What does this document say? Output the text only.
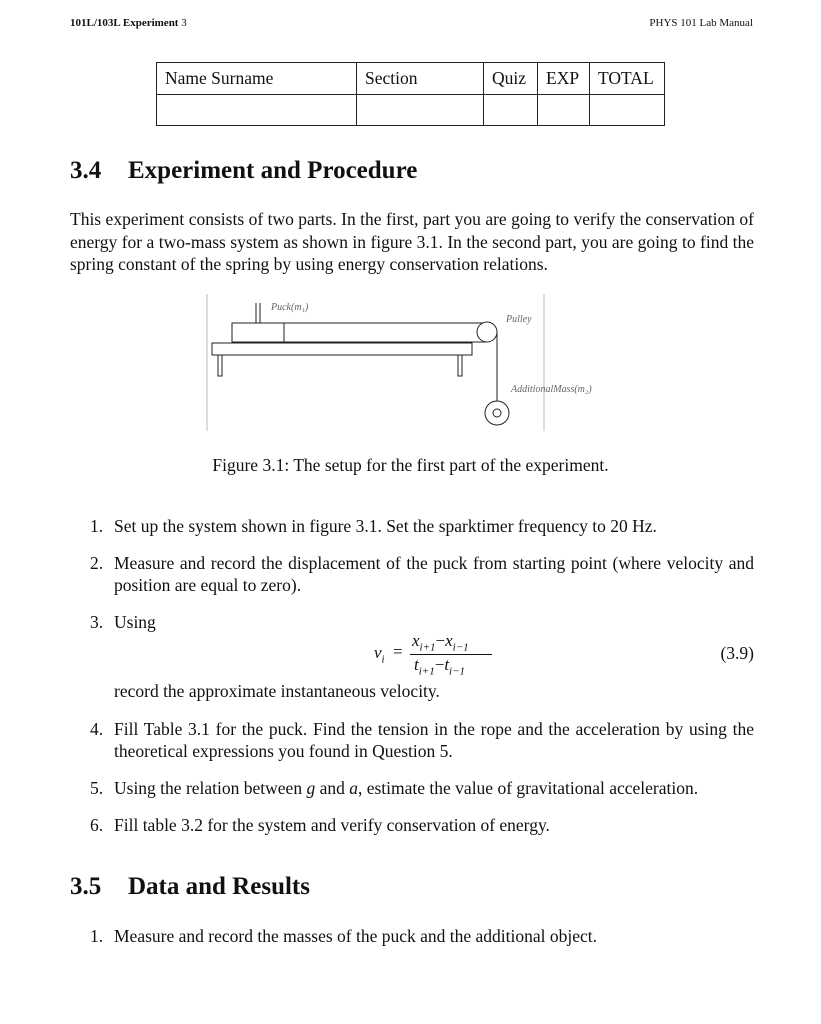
101L/103L Experiment 3	PHYS 101 Lab Manual
Name Surname	Section	Quiz	EXP	TOTAL

3.4 Experiment and Procedure

This experiment consists of two parts. In the first, part you are going to verify the conservation of energy for a two-mass system as shown in figure 3.1. In the second part, you are going to find the spring constant of the spring by using energy conservation relations.

Puck(m₁)
Pulley
AdditionalMass(m₂)
Figure 3.1: The setup for the first part of the experiment.
1. Set up the system shown in figure 3.1. Set the sparktimer frequency to 20 Hz.
2. Measure and record the displacement of the puck from starting point (where velocity and position are equal to zero).
3. Using
$v_i$ =
$x_{i+1}-x_{i-1}$
$t_{i+1}-t_{i-1}$
(3.9)

record the approximate instantaneous velocity.

4. Fill Table 3.1 for the puck. Find the tension in the rope and the acceleration by using the theoretical expressions you found in Question 5.
5. Using the relation between g and a, estimate the value of gravitational acceleration.
6. Fill table 3.2 for the system and verify conservation of energy.
3.5 Data and Results
1. Measure and record the masses of the puck and the additional object.
